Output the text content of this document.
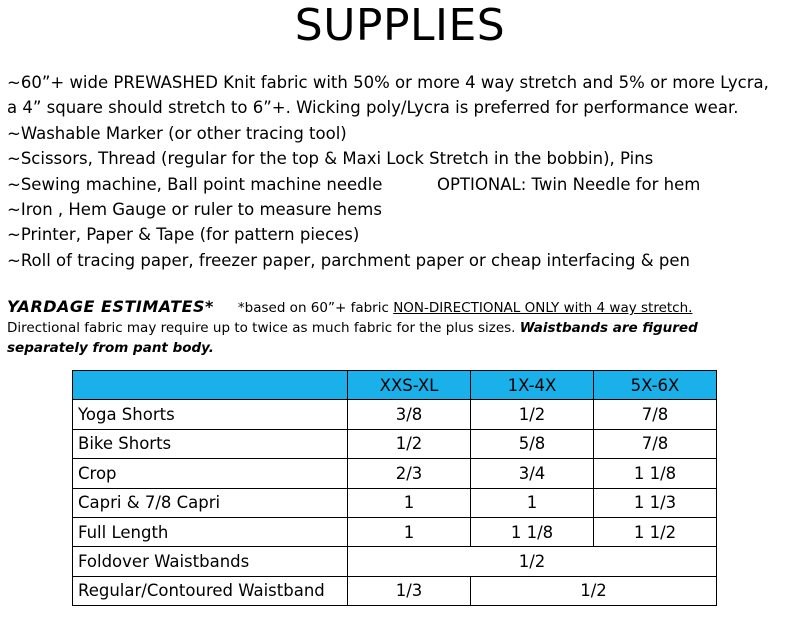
SUPPLIES
~60”+ wide PREWASHED Knit fabric with 50% or more 4 way stretch and 5% or more Lycra,
a 4” square should stretch to 6”+. Wicking poly/Lycra is preferred for performance wear.
~Washable Marker (or other tracing tool)
~Scissors, Thread (regular for the top & Maxi Lock Stretch in the bobbin), Pins
~Sewing machine, Ball point machine needle	OPTIONAL: Twin Needle for hem
~Iron , Hem Gauge or ruler to measure hems
~Printer, Paper & Tape (for pattern pieces)
~Roll of tracing paper, freezer paper, parchment paper or cheap interfacing & pen
YARDAGE ESTIMATES* *based on 60”+ fabric NON-DIRECTIONAL ONLY with 4 way stretch.
Directional fabric may require up to twice as much fabric for the plus sizes. Waistbands are figured
separately from pant body.
	XXS-XL	1X-4X	5X-6X
Yoga Shorts	3/8	1/2	7/8
Bike Shorts	1/2	5/8	7/8
Crop	2/3	3/4	1 1/8
Capri & 7/8 Capri	1	1	1 1/3
Full Length	1	1 1/8	1 1/2
Foldover Waistbands	1/2		
Regular/Contoured Waistband	1/3	1/2	
